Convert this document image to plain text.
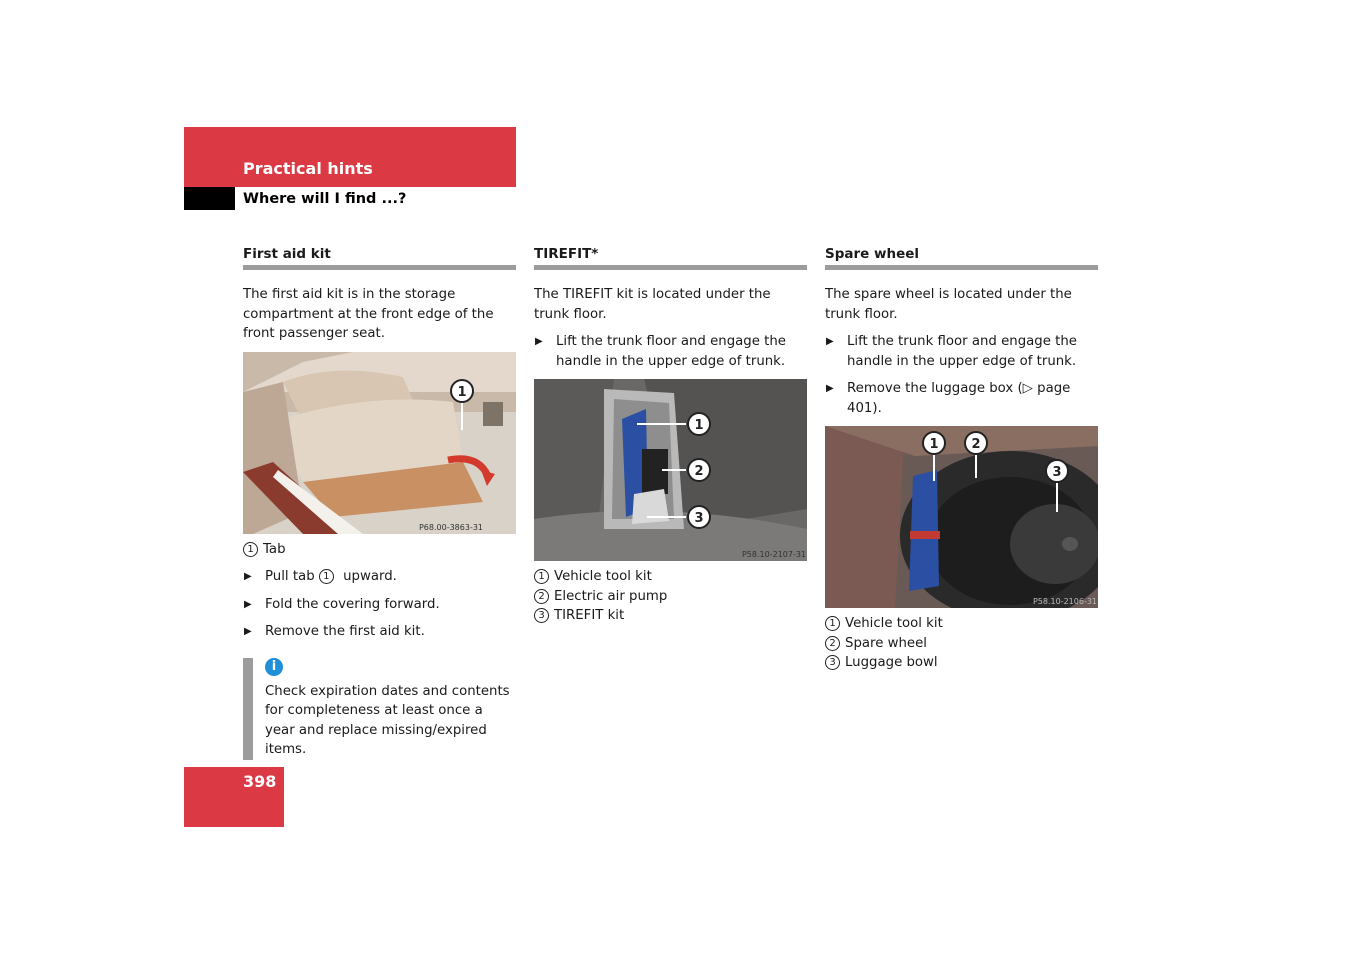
Practical hints
Where will I find ...?
First aid kit

The first aid kit is in the storage compartment at the front edge of the front passenger seat.

1
P68.00-3863-31
1 Tab
▶ Pull tab 1 upward.
▶ Fold the covering forward.
▶ Remove the first aid kit.
i

Check expiration dates and contents for completeness at least once a year and replace missing/expired items.

TIREFIT*

The TIREFIT kit is located under the trunk floor.

▶ Lift the trunk floor and engage the handle in the upper edge of trunk.
1
2
3
P58.10-2107-31
1 Vehicle tool kit
2 Electric air pump
3 TIREFIT kit
Spare wheel

The spare wheel is located under the trunk floor.

▶ Lift the trunk floor and engage the handle in the upper edge of trunk.
▶ Remove the luggage box (▷ page 401).
1	2
3
P58.10-2106-31
1 Vehicle tool kit
2 Spare wheel
3 Luggage bowl
398
